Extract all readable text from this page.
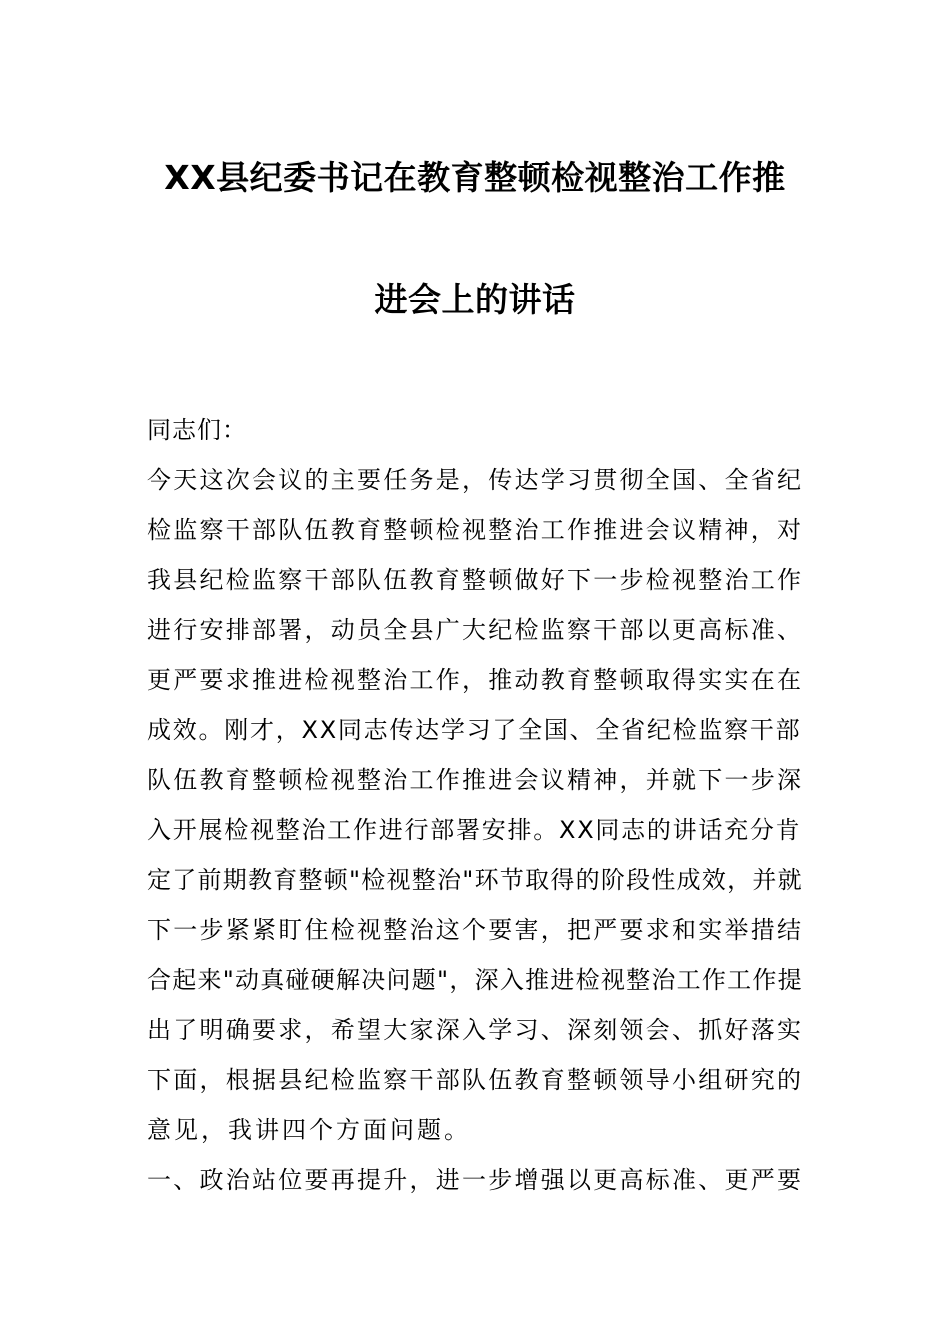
XX县纪委书记在教育整顿检视整治工作推
进会上的讲话
同志们：
今天这次会议的主要任务是，传达学习贯彻全国、全省纪
检监察干部队伍教育整顿检视整治工作推进会议精神，对
我县纪检监察干部队伍教育整顿做好下一步检视整治工作
进行安排部署，动员全县广大纪检监察干部以更高标准、
更严要求推进检视整治工作，推动教育整顿取得实实在在
成效。刚才，XX同志传达学习了全国、全省纪检监察干部
队伍教育整顿检视整治工作推进会议精神，并就下一步深
入开展检视整治工作进行部署安排。XX同志的讲话充分肯
定了前期教育整顿"检视整治"环节取得的阶段性成效，并就
下一步紧紧盯住检视整治这个要害，把严要求和实举措结
合起来"动真碰硬解决问题"，深入推进检视整治工作工作提
出了明确要求，希望大家深入学习、深刻领会、抓好落实
下面，根据县纪检监察干部队伍教育整顿领导小组研究的
意见，我讲四个方面问题。
一、政治站位要再提升，进一步增强以更高标准、更严要
